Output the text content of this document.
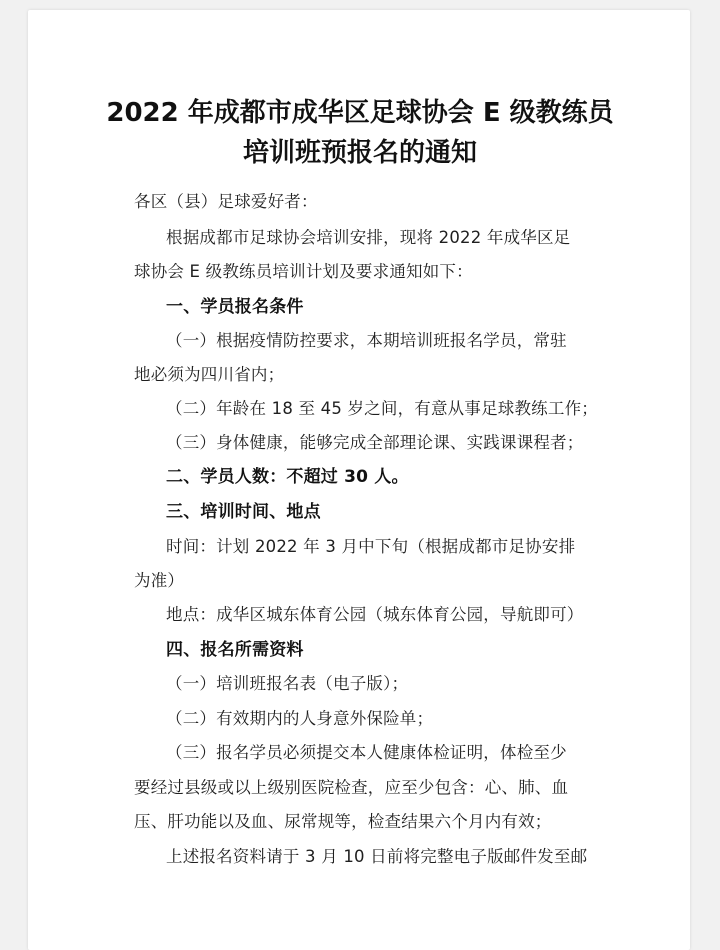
2022 年成都市成华区足球协会 E 级教练员
培训班预报名的通知
各区（县）足球爱好者：
根据成都市足球协会培训安排，现将 2022 年成华区足
球协会 E 级教练员培训计划及要求通知如下：
一、学员报名条件
（一）根据疫情防控要求，本期培训班报名学员，常驻
地必须为四川省内；
（二）年龄在 18 至 45 岁之间，有意从事足球教练工作；
（三）身体健康，能够完成全部理论课、实践课课程者；
二、学员人数：不超过 30 人。
三、培训时间、地点
时间：计划 2022 年 3 月中下旬（根据成都市足协安排
为准）
地点：成华区城东体育公园（城东体育公园，导航即可）
四、报名所需资料
（一）培训班报名表（电子版）；
（二）有效期内的人身意外保险单；
（三）报名学员必须提交本人健康体检证明，体检至少
要经过县级或以上级别医院检查，应至少包含：心、肺、血
压、肝功能以及血、尿常规等，检查结果六个月内有效；
上述报名资料请于 3 月 10 日前将完整电子版邮件发至邮
